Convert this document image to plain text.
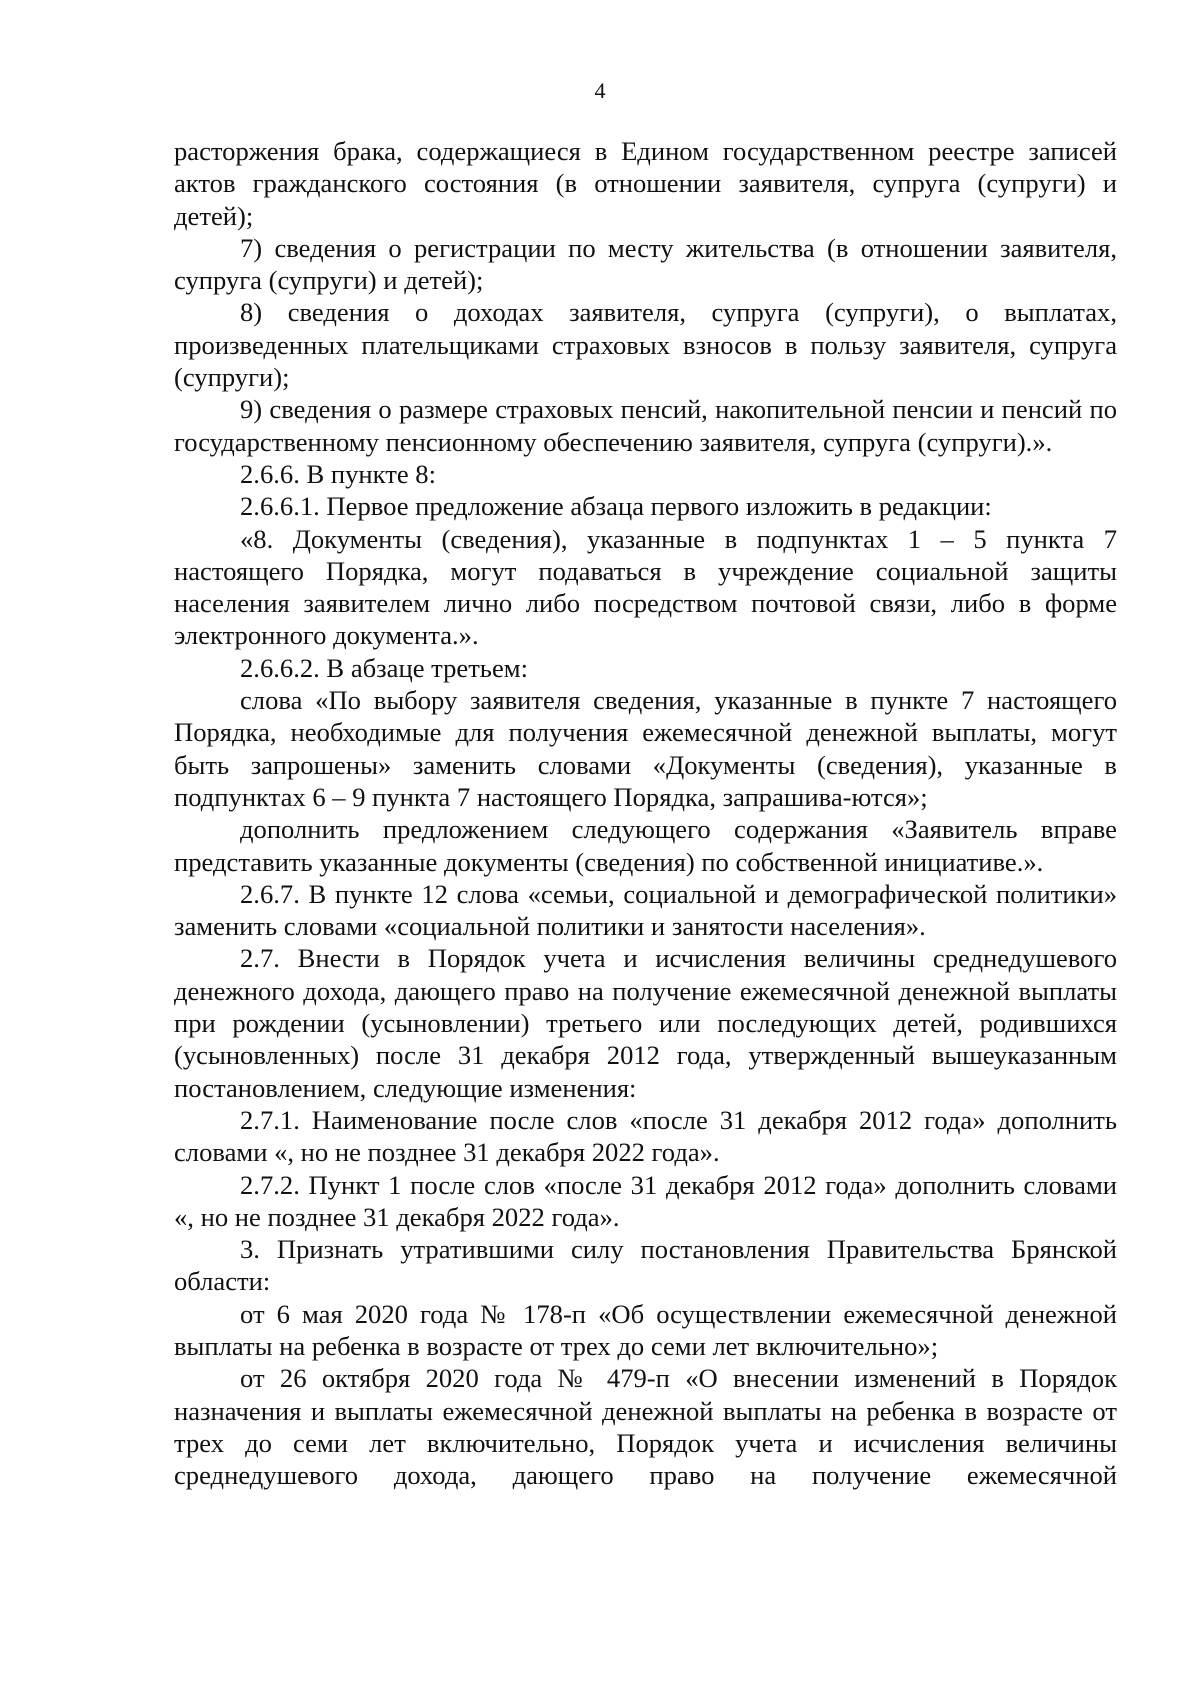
4

расторжения брака, содержащиеся в Едином государственном реестре записей актов гражданского состояния (в отношении заявителя, супруга (супруги) и детей);

7) сведения о регистрации по месту жительства (в отношении заявителя, супруга (супруги) и детей);

8) сведения о доходах заявителя, супруга (супруги), о выплатах, произведенных плательщиками страховых взносов в пользу заявителя, супруга (супруги);

9) сведения о размере страховых пенсий, накопительной пенсии и пенсий по государственному пенсионному обеспечению заявителя, супруга (супруги).».

2.6.6. В пункте 8:

2.6.6.1. Первое предложение абзаца первого изложить в редакции:

«8. Документы (сведения), указанные в подпунктах 1 – 5 пункта 7 настоящего Порядка, могут подаваться в учреждение социальной защиты населения заявителем лично либо посредством почтовой связи, либо в форме электронного документа.».

2.6.6.2. В абзаце третьем:

слова «По выбору заявителя сведения, указанные в пункте 7 настоящего Порядка, необходимые для получения ежемесячной денежной выплаты, могут быть запрошены» заменить словами «Документы (сведения), указанные в подпунктах 6 – 9 пункта 7 настоящего Порядка, запрашива-ются»;

дополнить предложением следующего содержания «Заявитель вправе представить указанные документы (сведения) по собственной инициативе.».

2.6.7. В пункте 12 слова «семьи, социальной и демографической политики» заменить словами «социальной политики и занятости населения».

2.7. Внести в Порядок учета и исчисления величины среднедушевого денежного дохода, дающего право на получение ежемесячной денежной выплаты при рождении (усыновлении) третьего или последующих детей, родившихся (усыновленных) после 31 декабря 2012 года, утвержденный вышеуказанным постановлением, следующие изменения:

2.7.1. Наименование после слов «после 31 декабря 2012 года» дополнить словами «, но не позднее 31 декабря 2022 года».

2.7.2. Пункт 1 после слов «после 31 декабря 2012 года» дополнить словами «, но не позднее 31 декабря 2022 года».

3. Признать утратившими силу постановления Правительства Брянской области:

от 6 мая 2020 года № 178-п «Об осуществлении ежемесячной денежной выплаты на ребенка в возрасте от трех до семи лет включительно»;

от 26 октября 2020 года № 479-п «О внесении изменений в Порядок назначения и выплаты ежемесячной денежной выплаты на ребенка в возрасте от трех до семи лет включительно, Порядок учета и исчисления величины среднедушевого дохода, дающего право на получение ежемесячной
